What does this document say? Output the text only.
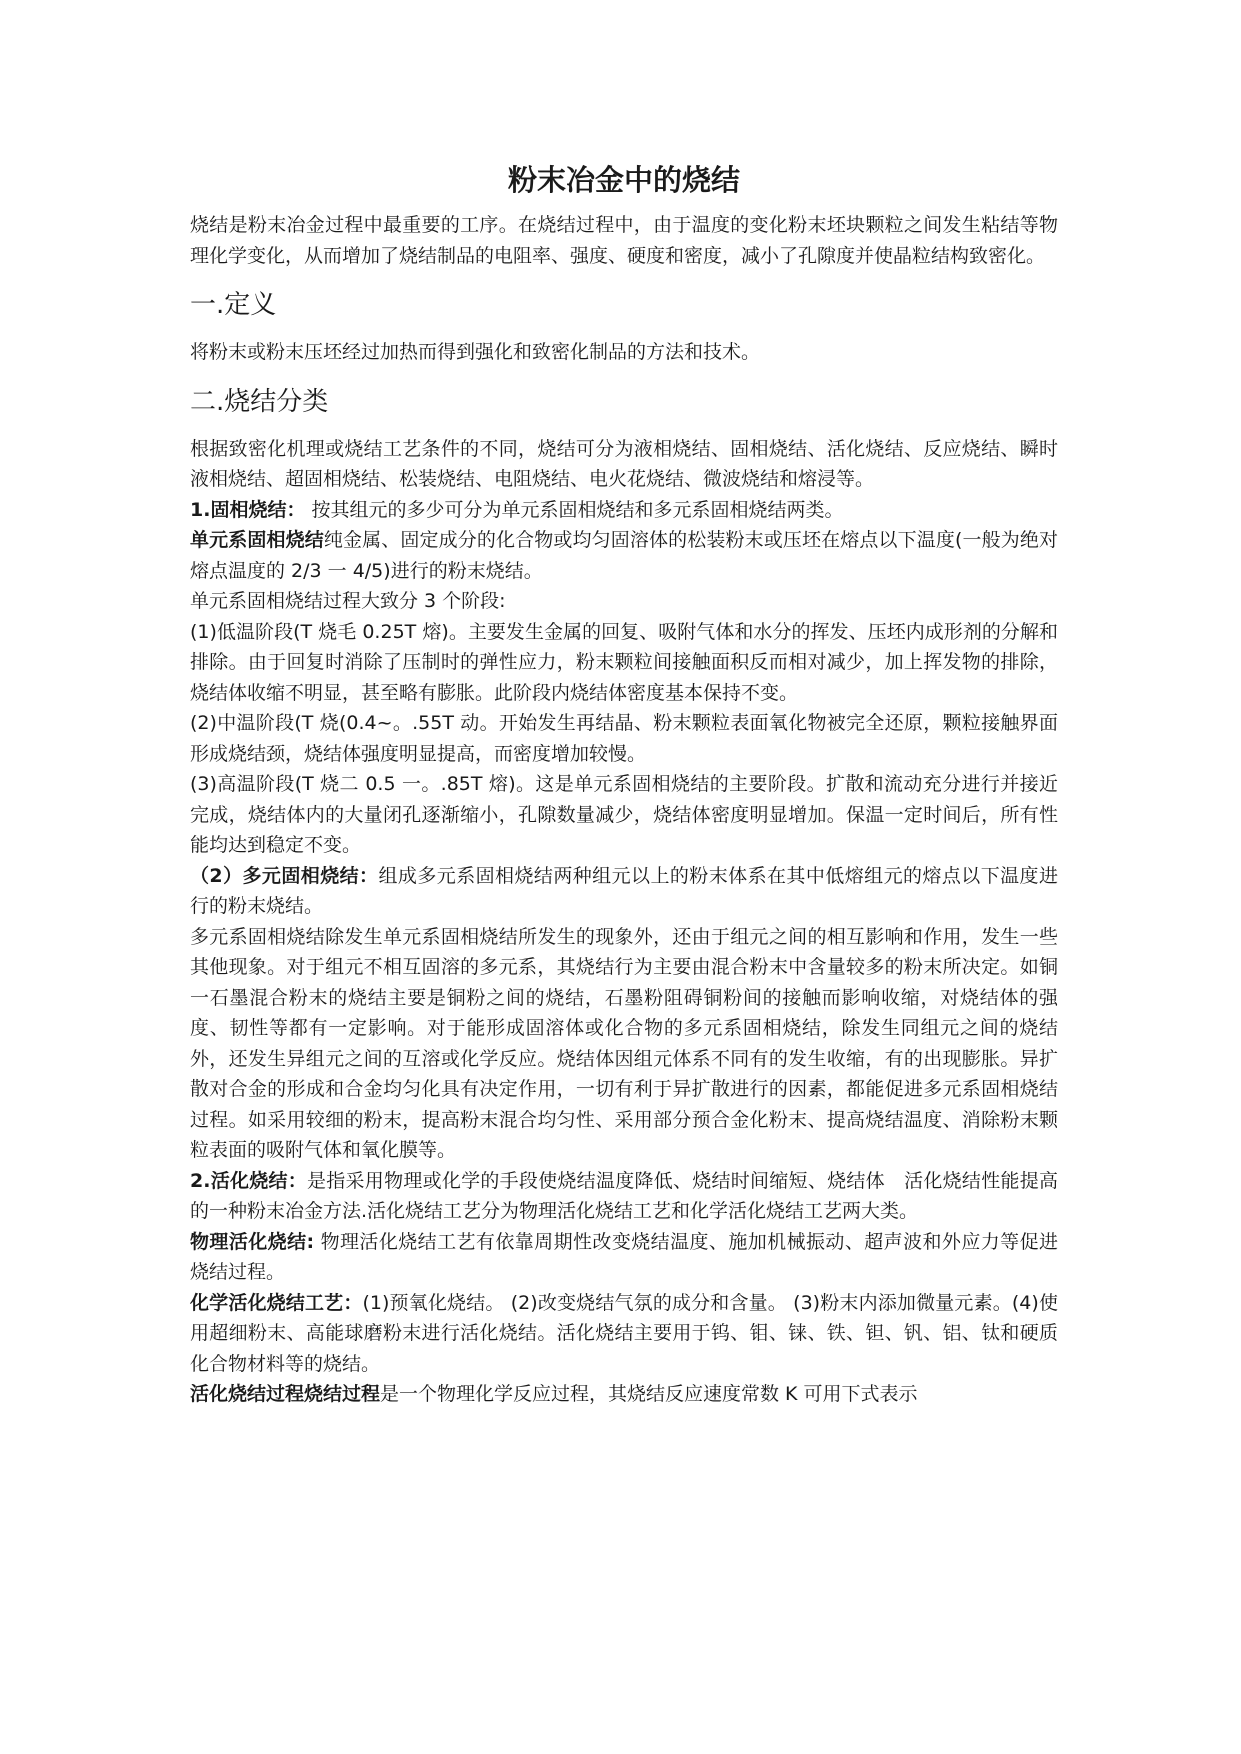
粉末冶金中的烧结

烧结是粉末冶金过程中最重要的工序。在烧结过程中，由于温度的变化粉末坯块颗粒之间发生粘结等物理化学变化，从而增加了烧结制品的电阻率、强度、硬度和密度，减小了孔隙度并使晶粒结构致密化。

一.定义

将粉末或粉末压坯经过加热而得到强化和致密化制品的方法和技术。

二.烧结分类

根据致密化机理或烧结工艺条件的不同，烧结可分为液相烧结、固相烧结、活化烧结、反应烧结、瞬时液相烧结、超固相烧结、松装烧结、电阻烧结、电火花烧结、微波烧结和熔浸等。

1.固相烧结： 按其组元的多少可分为单元系固相烧结和多元系固相烧结两类。

单元系固相烧结纯金属、固定成分的化合物或均匀固溶体的松装粉末或压坯在熔点以下温度(一般为绝对熔点温度的 2/3 一 4/5)进行的粉末烧结。

单元系固相烧结过程大致分 3 个阶段:

(1)低温阶段(T 烧毛 0.25T 熔)。主要发生金属的回复、吸附气体和水分的挥发、压坯内成形剂的分解和排除。由于回复时消除了压制时的弹性应力，粉末颗粒间接触面积反而相对减少，加上挥发物的排除，烧结体收缩不明显，甚至略有膨胀。此阶段内烧结体密度基本保持不变。

(2)中温阶段(T 烧(0.4~。.55T 动。开始发生再结晶、粉末颗粒表面氧化物被完全还原，颗粒接触界面形成烧结颈，烧结体强度明显提高，而密度增加较慢。

(3)高温阶段(T 烧二 0.5 一。.85T 熔)。这是单元系固相烧结的主要阶段。扩散和流动充分进行并接近完成，烧结体内的大量闭孔逐渐缩小，孔隙数量减少，烧结体密度明显增加。保温一定时间后，所有性能均达到稳定不变。

（2）多元固相烧结：组成多元系固相烧结两种组元以上的粉末体系在其中低熔组元的熔点以下温度进行的粉末烧结。

多元系固相烧结除发生单元系固相烧结所发生的现象外，还由于组元之间的相互影响和作用，发生一些其他现象。对于组元不相互固溶的多元系，其烧结行为主要由混合粉末中含量较多的粉末所决定。如铜一石墨混合粉末的烧结主要是铜粉之间的烧结，石墨粉阻碍铜粉间的接触而影响收缩，对烧结体的强度、韧性等都有一定影响。对于能形成固溶体或化合物的多元系固相烧结，除发生同组元之间的烧结外，还发生异组元之间的互溶或化学反应。烧结体因组元体系不同有的发生收缩，有的出现膨胀。异扩散对合金的形成和合金均匀化具有决定作用，一切有利于异扩散进行的因素，都能促进多元系固相烧结过程。如采用较细的粉末，提高粉末混合均匀性、采用部分预合金化粉末、提高烧结温度、消除粉末颗粒表面的吸附气体和氧化膜等。

2.活化烧结：是指采用物理或化学的手段使烧结温度降低、烧结时间缩短、烧结体　活化烧结性能提高的一种粉末冶金方法.活化烧结工艺分为物理活化烧结工艺和化学活化烧结工艺两大类。

物理活化烧结: 物理活化烧结工艺有依靠周期性改变烧结温度、施加机械振动、超声波和外应力等促进烧结过程。

化学活化烧结工艺：(1)预氧化烧结。 (2)改变烧结气氛的成分和含量。 (3)粉末内添加微量元素。(4)使用超细粉末、高能球磨粉末进行活化烧结。活化烧结主要用于钨、钼、铼、铁、钽、钒、铝、钛和硬质化合物材料等的烧结。

活化烧结过程烧结过程是一个物理化学反应过程，其烧结反应速度常数 K 可用下式表示
